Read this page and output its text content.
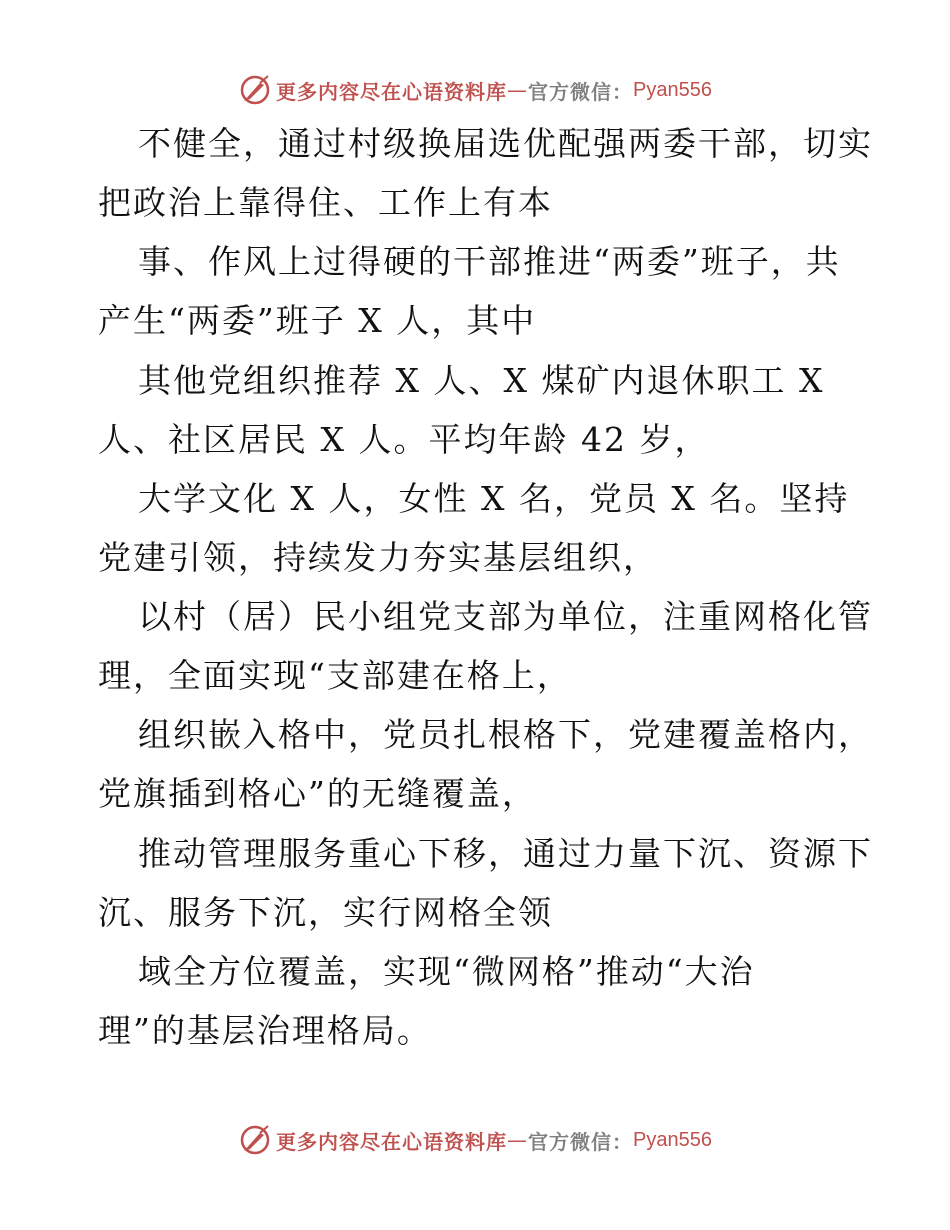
更多内容尽在心语资料库 — 官方微信： Pyan556
不健全，通过村级换届选优配强两委干部，切实
把政治上靠得住、工作上有本
事、作风上过得硬的干部推进“两委”班子，共
产生“两委”班子 X 人，其中
其他党组织推荐 X 人、X 煤矿内退休职工 X
人、社区居民 X 人。平均年龄 42 岁，
大学文化 X 人，女性 X 名，党员 X 名。坚持
党建引领，持续发力夯实基层组织，
以村（居）民小组党支部为单位，注重网格化管
理，全面实现“支部建在格上，
组织嵌入格中，党员扎根格下，党建覆盖格内，
党旗插到格心”的无缝覆盖，
推动管理服务重心下移，通过力量下沉、资源下
沉、服务下沉，实行网格全领
域全方位覆盖，实现“微网格”推动“大治
理”的基层治理格局。
更多内容尽在心语资料库 — 官方微信： Pyan556
